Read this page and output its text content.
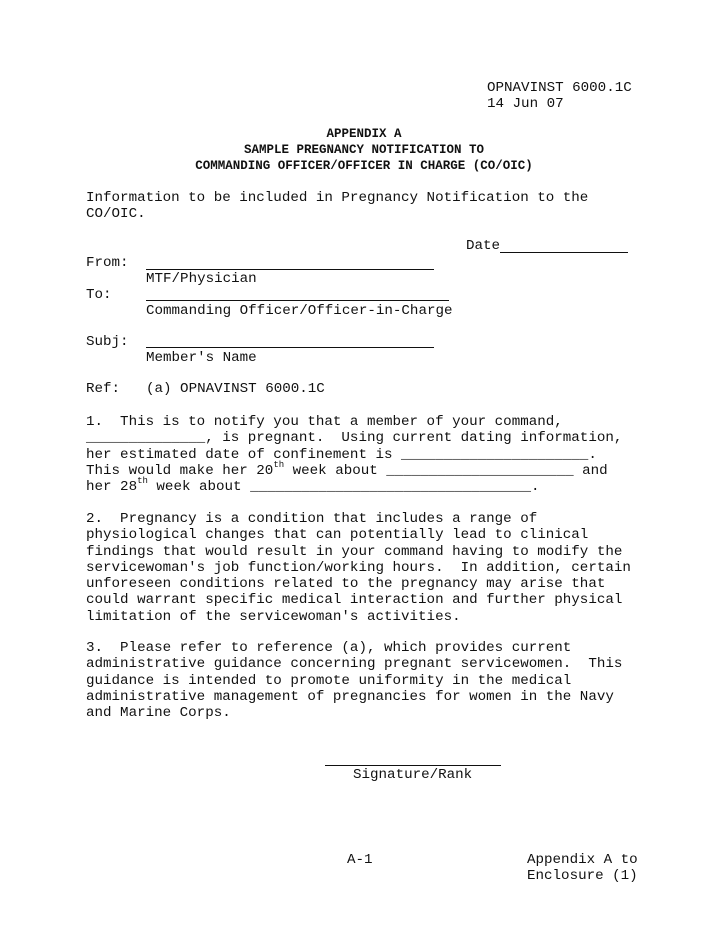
OPNAVINST 6000.1C
14 Jun 07
APPENDIX A
SAMPLE PREGNANCY NOTIFICATION TO
COMMANDING OFFICER/OFFICER IN CHARGE (CO/OIC)
Information to be included in Pregnancy Notification to the
CO/OIC.
Date
From:
MTF/Physician
To:
Commanding Officer/Officer-in-Charge
Subj:
Member's Name
Ref: (a) OPNAVINST 6000.1C
1.  This is to notify you that a member of your command,
______________, is pregnant.  Using current dating information,
her estimated date of confinement is ______________________.
This would make her 20th week about ______________________ and
her 28th week about _________________________________.
2.  Pregnancy is a condition that includes a range of
physiological changes that can potentially lead to clinical
findings that would result in your command having to modify the
servicewoman's job function/working hours.  In addition, certain
unforeseen conditions related to the pregnancy may arise that
could warrant specific medical interaction and further physical
limitation of the servicewoman's activities.
3.  Please refer to reference (a), which provides current
administrative guidance concerning pregnant servicewomen.  This
guidance is intended to promote uniformity in the medical
administrative management of pregnancies for women in the Navy
and Marine Corps.
Signature/Rank
A-1	Appendix A to
Enclosure (1)
